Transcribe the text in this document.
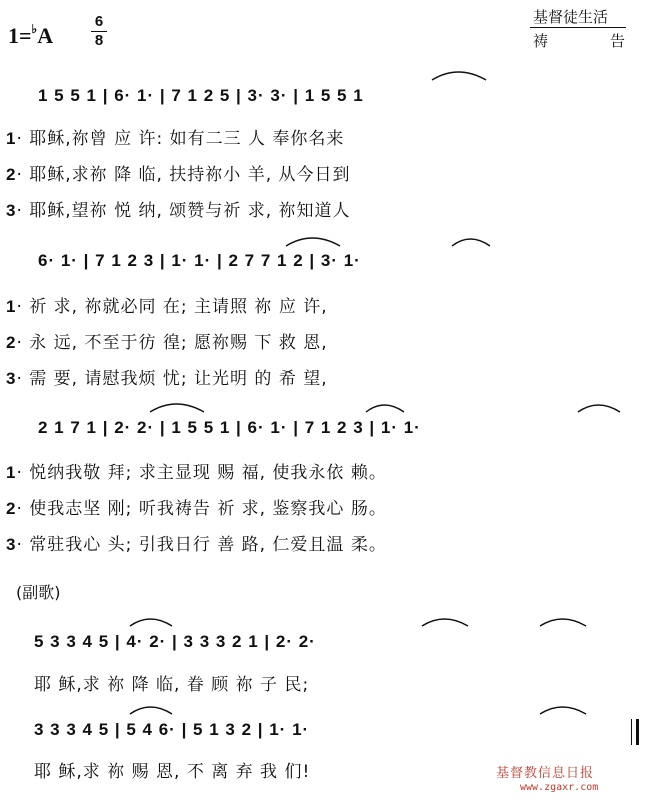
1=♭A
6
8
基督徒生活
祷	告
1 5 5 1 | 6· 1· | 7 1 2 5 | 3· 3· | 1 5 5 1
1· 耶稣,祢曾 应 许: 如有二三 人 奉你名来
2· 耶稣,求祢 降 临, 扶持祢小 羊, 从今日到
3· 耶稣,望祢 悦 纳, 颂赞与祈 求, 祢知道人
6· 1· | 7 1 2 3 | 1· 1· | 2 7 7 1 2 | 3· 1·
1· 祈 求, 祢就必同 在; 主请照 祢 应 许,
2· 永 远, 不至于彷 徨; 愿祢赐 下 救 恩,
3· 需 要, 请慰我烦 忧; 让光明 的 希 望,
2 1 7 1 | 2· 2· | 1 5 5 1 | 6· 1· | 7 1 2 3 | 1· 1·
1· 悦纳我敬 拜; 求主显现 赐 福, 使我永依 赖。
2· 使我志坚 刚; 听我祷告 祈 求, 鉴察我心 肠。
3· 常驻我心 头; 引我日行 善 路, 仁爱且温 柔。
(副歌)
5 3 3 4 5 | 4· 2· | 3 3 3 2 1 | 2· 2·
耶 稣,求 祢 降 临, 眷 顾 祢 子 民;
3 3 3 4 5 | 5 4 6· | 5 1 3 2 | 1· 1·
耶 稣,求 祢 赐 恩, 不 离 弃 我 们!	基督教信息日报
www.zgaxr.com
